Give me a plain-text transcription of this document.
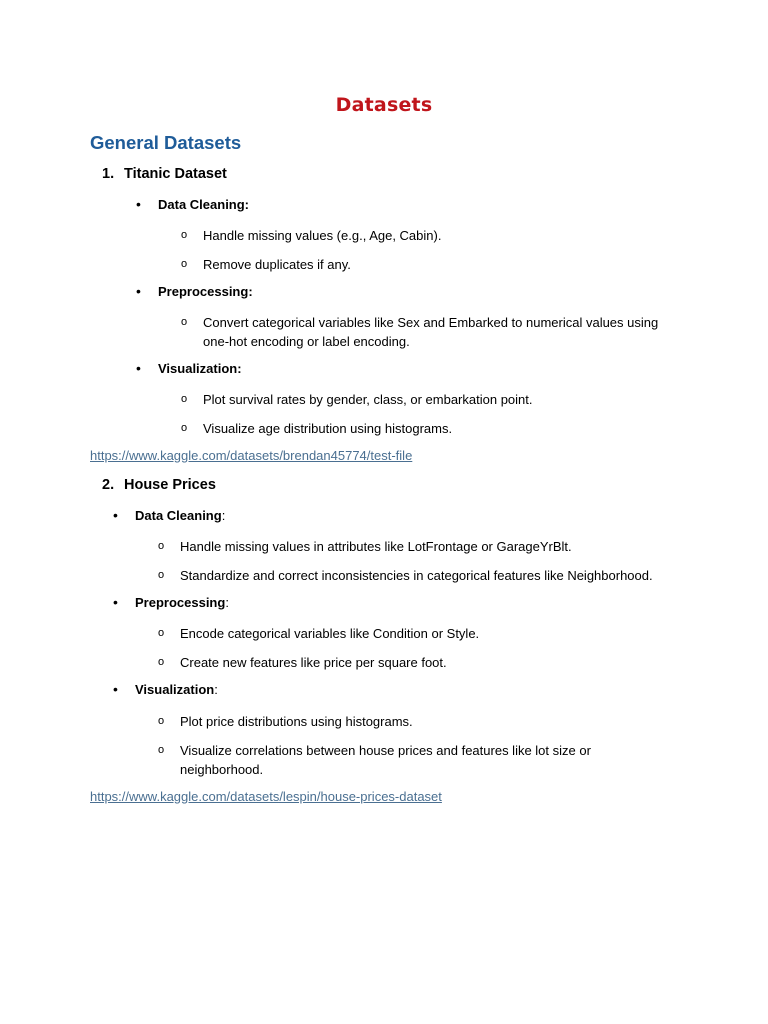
Datasets
General Datasets
1. Titanic Dataset
• Data Cleaning:
o Handle missing values (e.g., Age, Cabin).
o Remove duplicates if any.
• Preprocessing:
o Convert categorical variables like Sex and Embarked to numerical values using one-hot encoding or label encoding.
• Visualization:
o Plot survival rates by gender, class, or embarkation point.
o Visualize age distribution using histograms.
https://www.kaggle.com/datasets/brendan45774/test-file
2. House Prices
• Data Cleaning:
o Handle missing values in attributes like LotFrontage or GarageYrBlt.
o Standardize and correct inconsistencies in categorical features like Neighborhood.
• Preprocessing:
o Encode categorical variables like Condition or Style.
o Create new features like price per square foot.
• Visualization:
o Plot price distributions using histograms.
o Visualize correlations between house prices and features like lot size or neighborhood.
https://www.kaggle.com/datasets/lespin/house-prices-dataset
